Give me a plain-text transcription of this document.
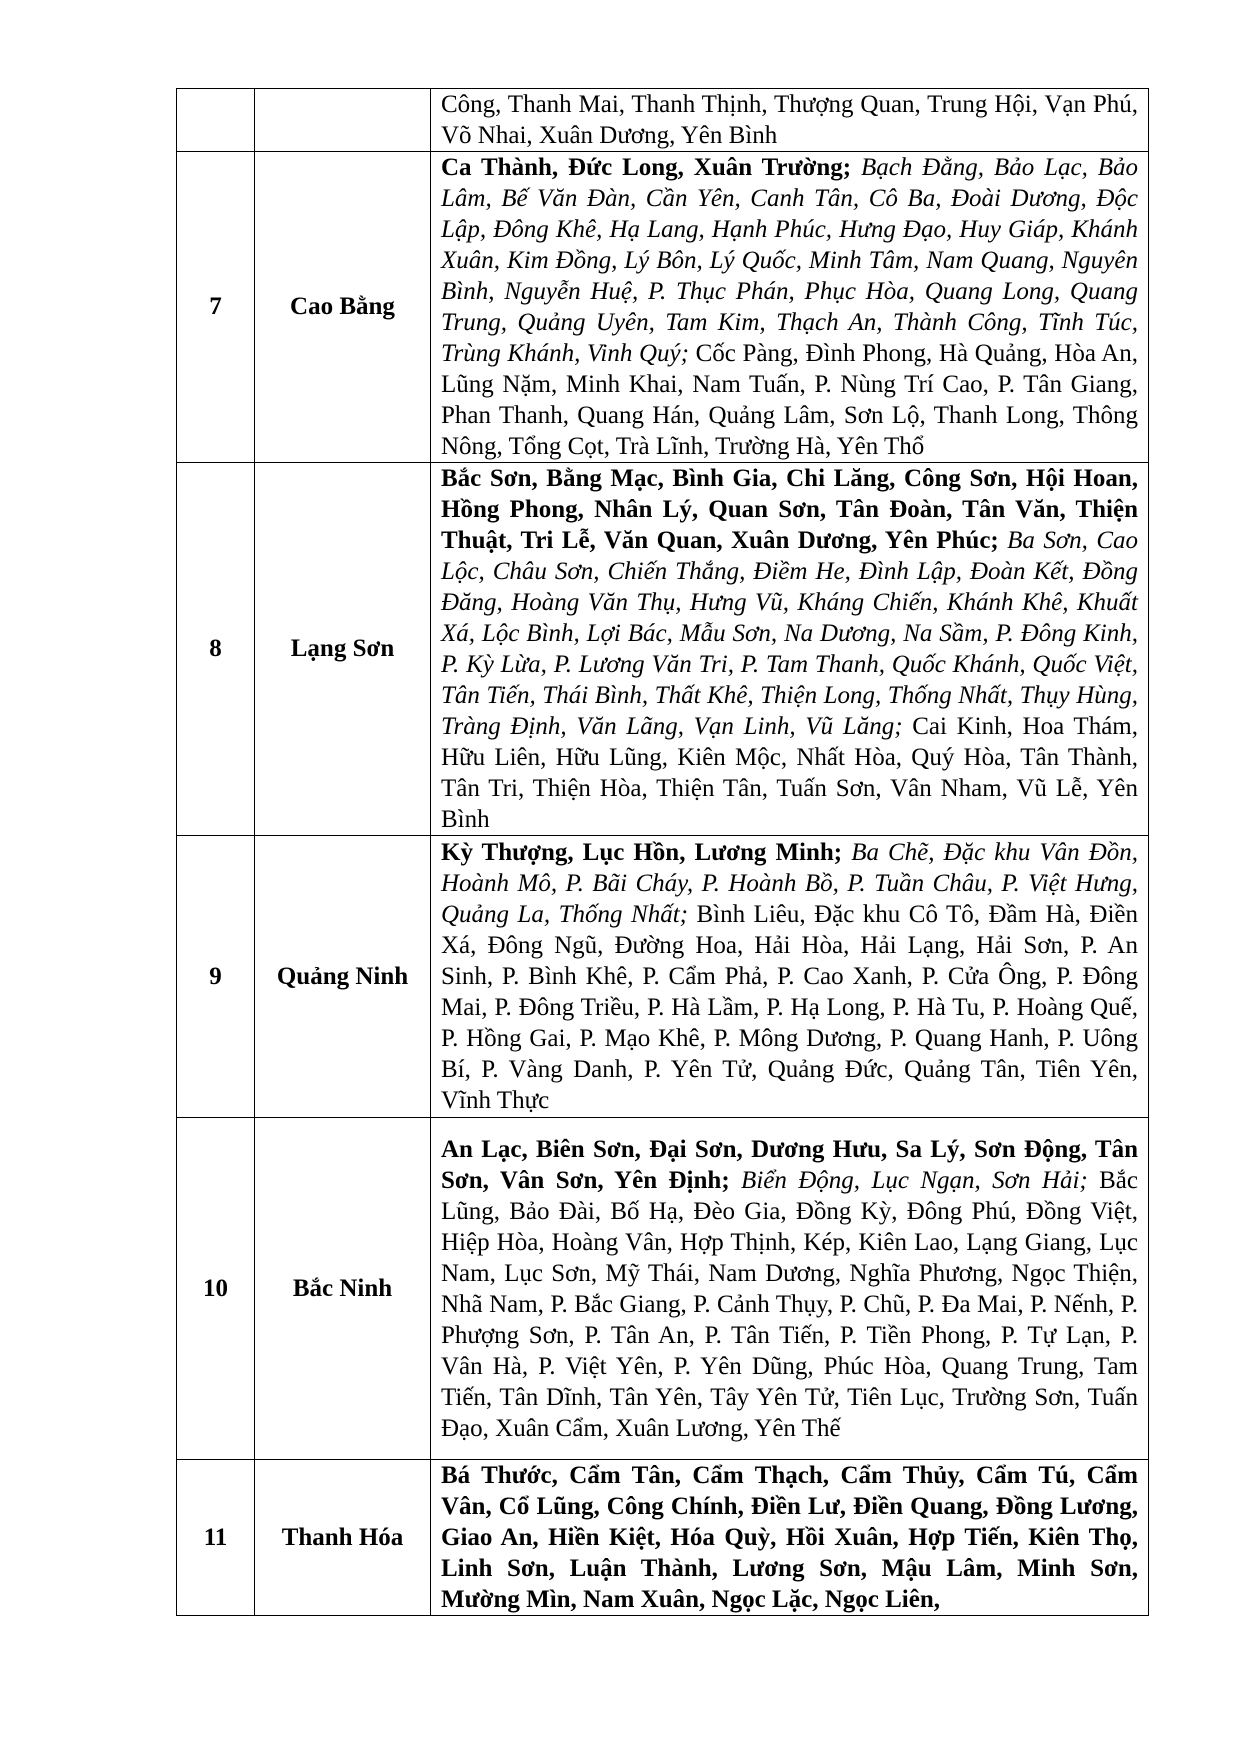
		Công, Thanh Mai, Thanh Thịnh, Thượng Quan, Trung Hội, Vạn Phú, Võ Nhai, Xuân Dương, Yên Bình
7	Cao Bằng	Ca Thành, Đức Long, Xuân Trường; Bạch Đằng, Bảo Lạc, Bảo Lâm, Bế Văn Đàn, Cần Yên, Canh Tân, Cô Ba, Đoài Dương, Độc Lập, Đông Khê, Hạ Lang, Hạnh Phúc, Hưng Đạo, Huy Giáp, Khánh Xuân, Kim Đồng, Lý Bôn, Lý Quốc, Minh Tâm, Nam Quang, Nguyên Bình, Nguyễn Huệ, P. Thục Phán, Phục Hòa, Quang Long, Quang Trung, Quảng Uyên, Tam Kim, Thạch An, Thành Công, Tĩnh Túc, Trùng Khánh, Vinh Quý; Cốc Pàng, Đình Phong, Hà Quảng, Hòa An, Lũng Nặm, Minh Khai, Nam Tuấn, P. Nùng Trí Cao, P. Tân Giang, Phan Thanh, Quang Hán, Quảng Lâm, Sơn Lộ, Thanh Long, Thông Nông, Tổng Cọt, Trà Lĩnh, Trường Hà, Yên Thổ
8	Lạng Sơn	Bắc Sơn, Bằng Mạc, Bình Gia, Chi Lăng, Công Sơn, Hội Hoan, Hồng Phong, Nhân Lý, Quan Sơn, Tân Đoàn, Tân Văn, Thiện Thuật, Tri Lễ, Văn Quan, Xuân Dương, Yên Phúc; Ba Sơn, Cao Lộc, Châu Sơn, Chiến Thắng, Điềm He, Đình Lập, Đoàn Kết, Đồng Đăng, Hoàng Văn Thụ, Hưng Vũ, Kháng Chiến, Khánh Khê, Khuất Xá, Lộc Bình, Lợi Bác, Mẫu Sơn, Na Dương, Na Sầm, P. Đông Kinh, P. Kỳ Lừa, P. Lương Văn Tri, P. Tam Thanh, Quốc Khánh, Quốc Việt, Tân Tiến, Thái Bình, Thất Khê, Thiện Long, Thống Nhất, Thụy Hùng, Tràng Định, Văn Lãng, Vạn Linh, Vũ Lăng; Cai Kinh, Hoa Thám, Hữu Liên, Hữu Lũng, Kiên Mộc, Nhất Hòa, Quý Hòa, Tân Thành, Tân Tri, Thiện Hòa, Thiện Tân, Tuấn Sơn, Vân Nham, Vũ Lễ, Yên Bình
9	Quảng Ninh	Kỳ Thượng, Lục Hồn, Lương Minh; Ba Chẽ, Đặc khu Vân Đồn, Hoành Mô, P. Bãi Cháy, P. Hoành Bồ, P. Tuần Châu, P. Việt Hưng, Quảng La, Thống Nhất; Bình Liêu, Đặc khu Cô Tô, Đầm Hà, Điền Xá, Đông Ngũ, Đường Hoa, Hải Hòa, Hải Lạng, Hải Sơn, P. An Sinh, P. Bình Khê, P. Cẩm Phả, P. Cao Xanh, P. Cửa Ông, P. Đông Mai, P. Đông Triều, P. Hà Lầm, P. Hạ Long, P. Hà Tu, P. Hoàng Quế, P. Hồng Gai, P. Mạo Khê, P. Mông Dương, P. Quang Hanh, P. Uông Bí, P. Vàng Danh, P. Yên Tử, Quảng Đức, Quảng Tân, Tiên Yên, Vĩnh Thực
10	Bắc Ninh	An Lạc, Biên Sơn, Đại Sơn, Dương Hưu, Sa Lý, Sơn Động, Tân Sơn, Vân Sơn, Yên Định; Biển Động, Lục Ngạn, Sơn Hải; Bắc Lũng, Bảo Đài, Bố Hạ, Đèo Gia, Đồng Kỳ, Đông Phú, Đồng Việt, Hiệp Hòa, Hoàng Vân, Hợp Thịnh, Kép, Kiên Lao, Lạng Giang, Lục Nam, Lục Sơn, Mỹ Thái, Nam Dương, Nghĩa Phương, Ngọc Thiện, Nhã Nam, P. Bắc Giang, P. Cảnh Thụy, P. Chũ, P. Đa Mai, P. Nếnh, P. Phượng Sơn, P. Tân An, P. Tân Tiến, P. Tiền Phong, P. Tự Lạn, P. Vân Hà, P. Việt Yên, P. Yên Dũng, Phúc Hòa, Quang Trung, Tam Tiến, Tân Dĩnh, Tân Yên, Tây Yên Tử, Tiên Lục, Trường Sơn, Tuấn Đạo, Xuân Cẩm, Xuân Lương, Yên Thế
11	Thanh Hóa	Bá Thước, Cẩm Tân, Cẩm Thạch, Cẩm Thủy, Cẩm Tú, Cẩm Vân, Cổ Lũng, Công Chính, Điền Lư, Điền Quang, Đồng Lương, Giao An, Hiền Kiệt, Hóa Quỳ, Hồi Xuân, Hợp Tiến, Kiên Thọ, Linh Sơn, Luận Thành, Lương Sơn, Mậu Lâm, Minh Sơn, Mường Mìn, Nam Xuân, Ngọc Lặc, Ngọc Liên,
